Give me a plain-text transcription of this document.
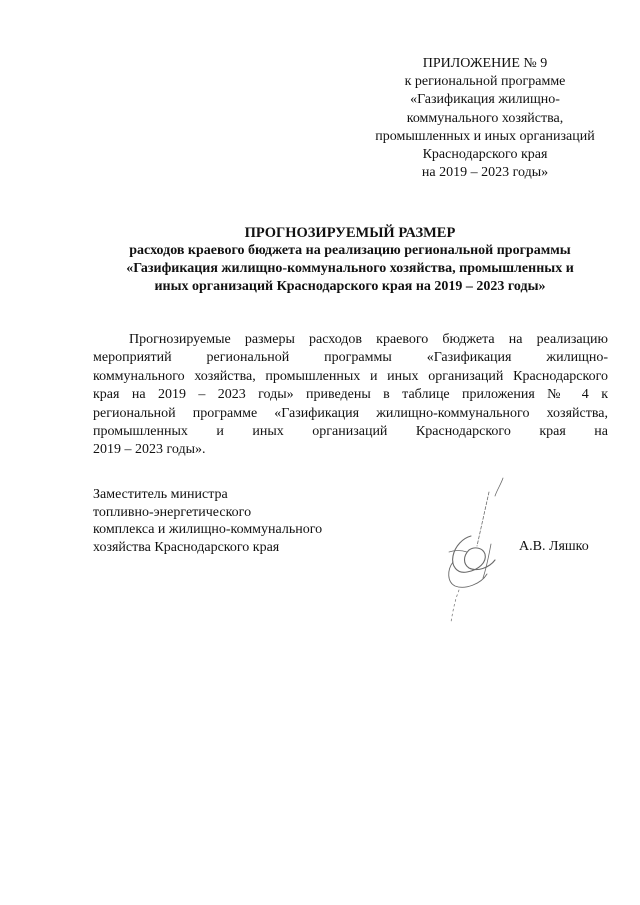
ПРИЛОЖЕНИЕ № 9
к региональной программе
«Газификация жилищно-
коммунального хозяйства,
промышленных и иных организаций
Краснодарского края
на 2019 – 2023 годы»
ПРОГНОЗИРУЕМЫЙ РАЗМЕР
расходов краевого бюджета на реализацию региональной программы
«Газификация жилищно-коммунального хозяйства, промышленных и
иных организаций Краснодарского края на 2019 – 2023 годы»
Прогнозируемые размеры расходов краевого бюджета на реализацию
мероприятий региональной программы «Газификация жилищно-
коммунального хозяйства, промышленных и иных организаций Краснодарского
края на 2019 – 2023 годы» приведены в таблице приложения № 4 к
региональной программе «Газификация жилищно-коммунального хозяйства,
промышленных и иных организаций Краснодарского края на
2019 – 2023 годы».
Заместитель министра
топливно-энергетического
комплекса и жилищно-коммунального
хозяйства Краснодарского края	А.В. Ляшко
